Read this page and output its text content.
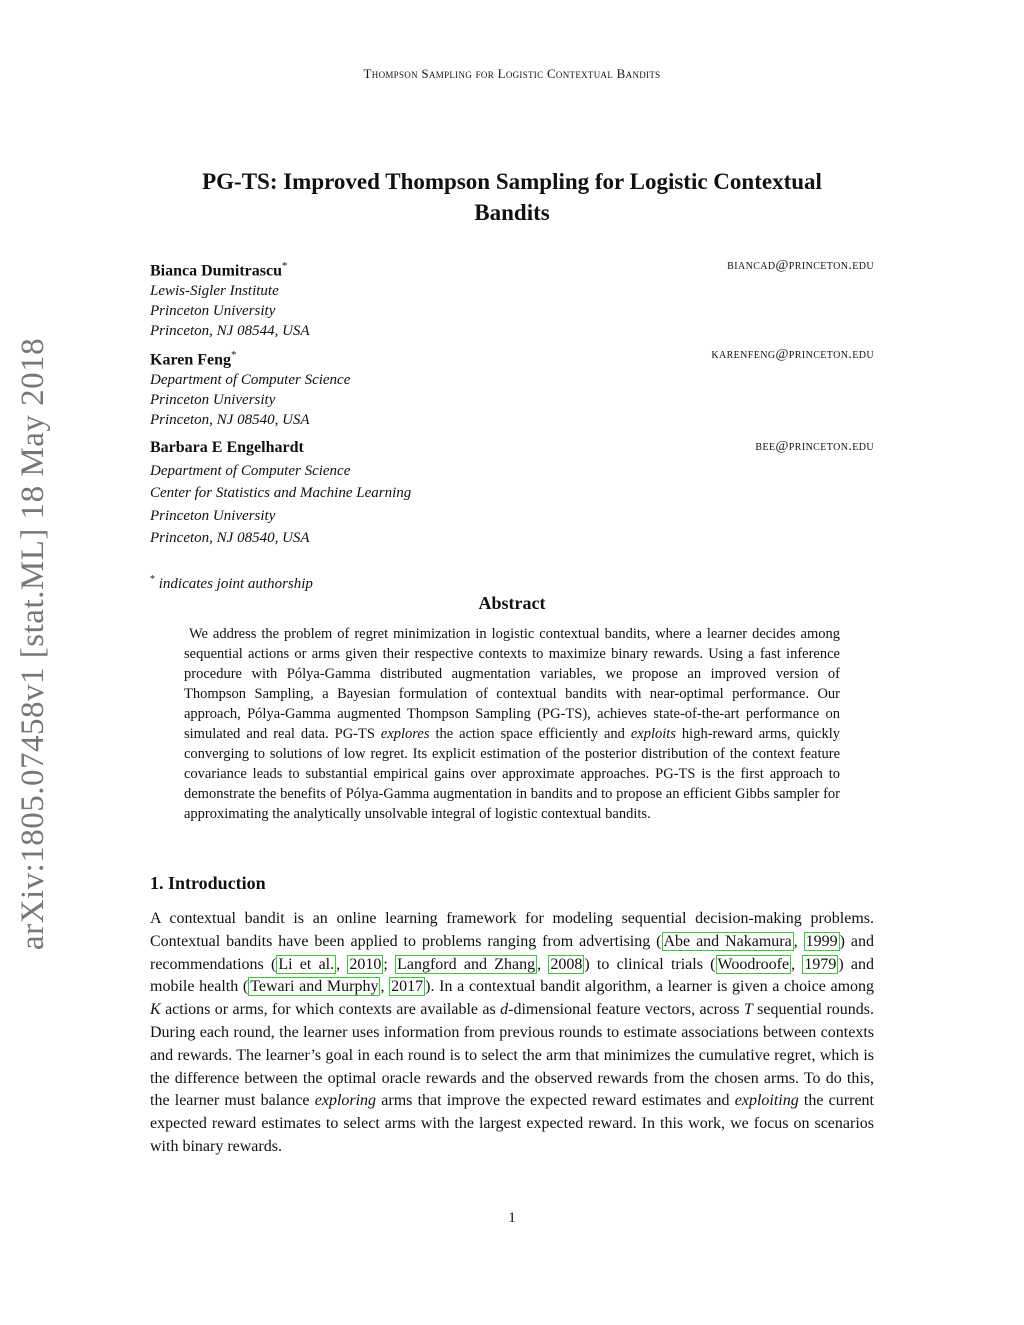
Thompson Sampling for Logistic Contextual Bandits
PG-TS: Improved Thompson Sampling for Logistic Contextual
Bandits
Bianca Dumitrascu*
Lewis-Sigler Institute
Princeton University
Princeton, NJ 08544, USA
biancad@princeton.edu
Karen Feng*
Department of Computer Science
Princeton University
Princeton, NJ 08540, USA
karenfeng@princeton.edu
Barbara E Engelhardt
Department of Computer Science
Center for Statistics and Machine Learning
Princeton University
Princeton, NJ 08540, USA
bee@princeton.edu
* indicates joint authorship
Abstract
We address the problem of regret minimization in logistic contextual bandits, where a learner decides among sequential actions or arms given their respective contexts to maximize binary rewards. Using a fast inference procedure with Pólya-Gamma distributed augmentation variables, we propose an improved version of Thompson Sampling, a Bayesian formulation of contextual bandits with near-optimal performance. Our approach, Pólya-Gamma augmented Thompson Sampling (PG-TS), achieves state-of-the-art performance on simulated and real data. PG-TS explores the action space efficiently and exploits high-reward arms, quickly converging to solutions of low regret. Its explicit estimation of the posterior distribution of the context feature covariance leads to substantial empirical gains over approximate approaches. PG-TS is the first approach to demonstrate the benefits of Pólya-Gamma augmentation in bandits and to propose an efficient Gibbs sampler for approximating the analytically unsolvable integral of logistic contextual bandits.
1. Introduction
A contextual bandit is an online learning framework for modeling sequential decision-making problems. Contextual bandits have been applied to problems ranging from advertising ( Abe and Nakamura , 1999 ) and recommendations ( Li et al. , 2010 ; Langford and Zhang , 2008 ) to clinical trials ( Woodroofe , 1979 ) and mobile health ( Tewari and Murphy , 2017 ). In a contextual bandit algorithm, a learner is given a choice among K actions or arms, for which contexts are available as d-dimensional feature vectors, across T sequential rounds. During each round, the learner uses information from previous rounds to estimate associations between contexts and rewards. The learner’s goal in each round is to select the arm that minimizes the cumulative regret, which is the difference between the optimal oracle rewards and the observed rewards from the chosen arms. To do this, the learner must balance exploring arms that improve the expected reward estimates and exploiting the current expected reward estimates to select arms with the largest expected reward. In this work, we focus on scenarios with binary rewards.
arXiv:1805.07458v1 [stat.ML] 18 May 2018
1
